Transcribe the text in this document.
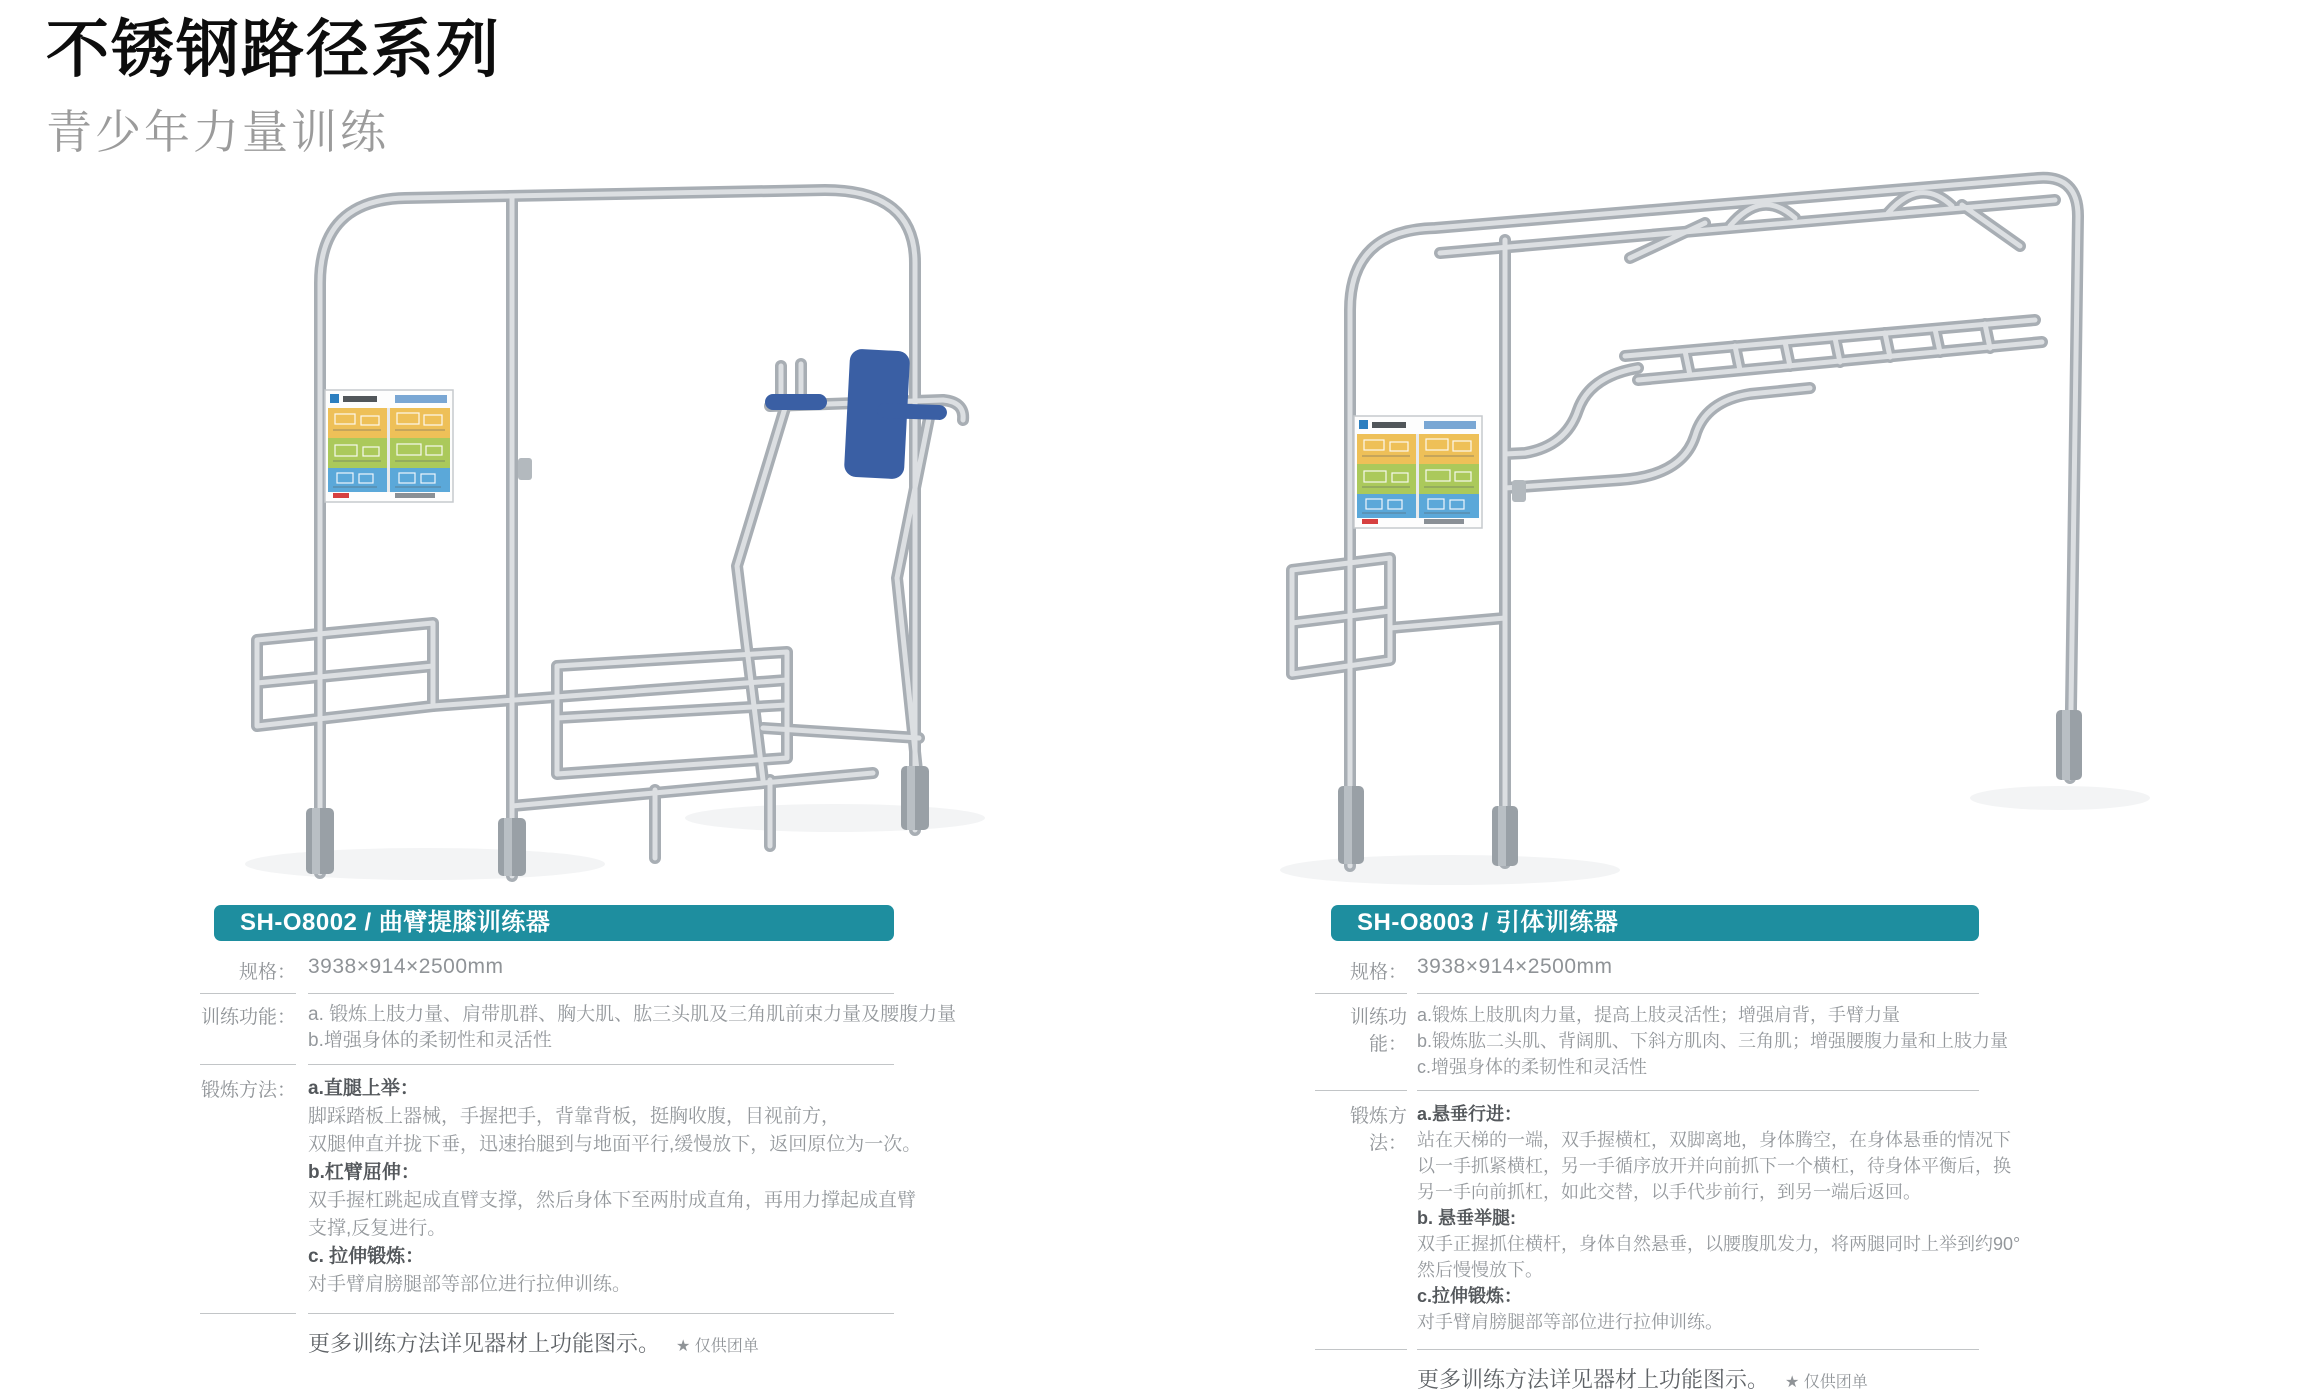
不锈钢路径系列
青少年力量训练
SH-O8002 / 曲臂提膝训练器
规格： 3938×914×2500mm
训练功能： a. 锻炼上肢力量、肩带肌群、胸大肌、肱三头肌及三角肌前束力量及腰腹力量
b.增强身体的柔韧性和灵活性
锻炼方法： a.直腿上举：
脚踩踏板上器械，手握把手，背靠背板，挺胸收腹，目视前方，
双腿伸直并拢下垂，迅速抬腿到与地面平行,缓慢放下，返回原位为一次。
b.杠臂屈伸：
双手握杠跳起成直臂支撑，然后身体下至两肘成直角，再用力撑起成直臂
支撑,反复进行。
c. 拉伸锻炼：
对手臂肩膀腿部等部位进行拉伸训练。
更多训练方法详见器材上功能图示。 ★ 仅供团单
SH-O8003 / 引体训练器
规格： 3938×914×2500mm
训练功能：
a.锻炼上肢肌肉力量，提高上肢灵活性；增强肩背，手臂力量
b.锻炼肱二头肌、背阔肌、下斜方肌肉、三角肌；增强腰腹力量和上肢力量
c.增强身体的柔韧性和灵活性
锻炼方法：
a.悬垂行进：
站在天梯的一端，双手握横杠，双脚离地，身体腾空，在身体悬垂的情况下
以一手抓紧横杠，另一手循序放开并向前抓下一个横杠，待身体平衡后，换
另一手向前抓杠，如此交替，以手代步前行，到另一端后返回。
b. 悬垂举腿:
双手正握抓住横杆，身体自然悬垂，以腰腹肌发力，将两腿同时上举到约90°
然后慢慢放下。
c.拉伸锻炼：
对手臂肩膀腿部等部位进行拉伸训练。
更多训练方法详见器材上功能图示。 ★ 仅供团单
